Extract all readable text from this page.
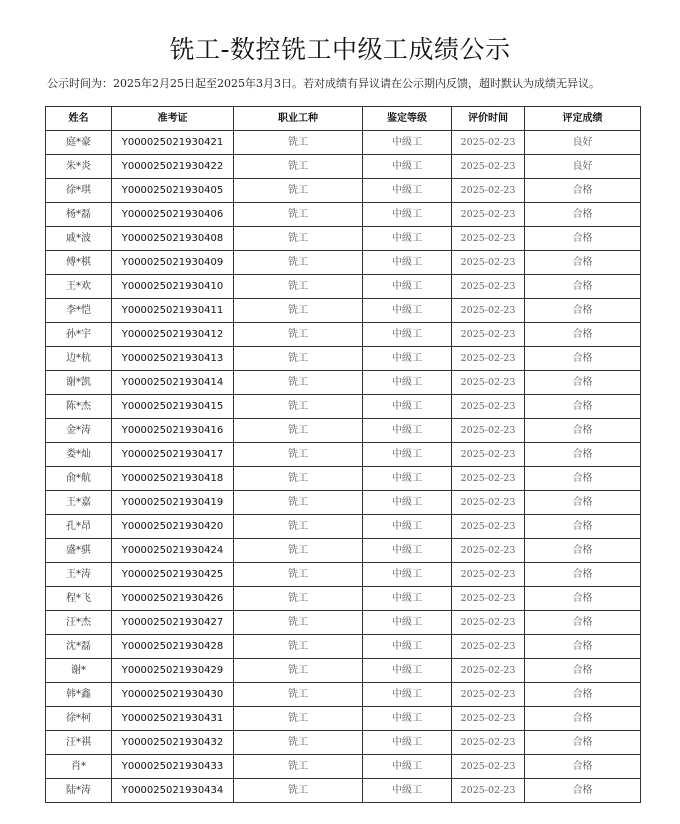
铣工-数控铣工中级工成绩公示
公示时间为：2025年2月25日起至2025年3月3日。若对成绩有异议请在公示期内反馈，超时默认为成绩无异议。
姓名	准考证	职业工种	鉴定等级	评价时间	评定成绩
庭*豪	Y000025021930421	铣工	中级工	2025-02-23	良好
朱*炎	Y000025021930422	铣工	中级工	2025-02-23	良好
徐*琪	Y000025021930405	铣工	中级工	2025-02-23	合格
杨*磊	Y000025021930406	铣工	中级工	2025-02-23	合格
戚*波	Y000025021930408	铣工	中级工	2025-02-23	合格
傅*棋	Y000025021930409	铣工	中级工	2025-02-23	合格
王*欢	Y000025021930410	铣工	中级工	2025-02-23	合格
李*恺	Y000025021930411	铣工	中级工	2025-02-23	合格
孙*宇	Y000025021930412	铣工	中级工	2025-02-23	合格
边*杭	Y000025021930413	铣工	中级工	2025-02-23	合格
谢*凯	Y000025021930414	铣工	中级工	2025-02-23	合格
陈*杰	Y000025021930415	铣工	中级工	2025-02-23	合格
金*涛	Y000025021930416	铣工	中级工	2025-02-23	合格
娄*灿	Y000025021930417	铣工	中级工	2025-02-23	合格
俞*航	Y000025021930418	铣工	中级工	2025-02-23	合格
王*嘉	Y000025021930419	铣工	中级工	2025-02-23	合格
孔*昂	Y000025021930420	铣工	中级工	2025-02-23	合格
盛*骐	Y000025021930424	铣工	中级工	2025-02-23	合格
王*涛	Y000025021930425	铣工	中级工	2025-02-23	合格
程*飞	Y000025021930426	铣工	中级工	2025-02-23	合格
汪*杰	Y000025021930427	铣工	中级工	2025-02-23	合格
沈*磊	Y000025021930428	铣工	中级工	2025-02-23	合格
谢*	Y000025021930429	铣工	中级工	2025-02-23	合格
韩*鑫	Y000025021930430	铣工	中级工	2025-02-23	合格
徐*柯	Y000025021930431	铣工	中级工	2025-02-23	合格
汪*祺	Y000025021930432	铣工	中级工	2025-02-23	合格
肖*	Y000025021930433	铣工	中级工	2025-02-23	合格
陆*涛	Y000025021930434	铣工	中级工	2025-02-23	合格
